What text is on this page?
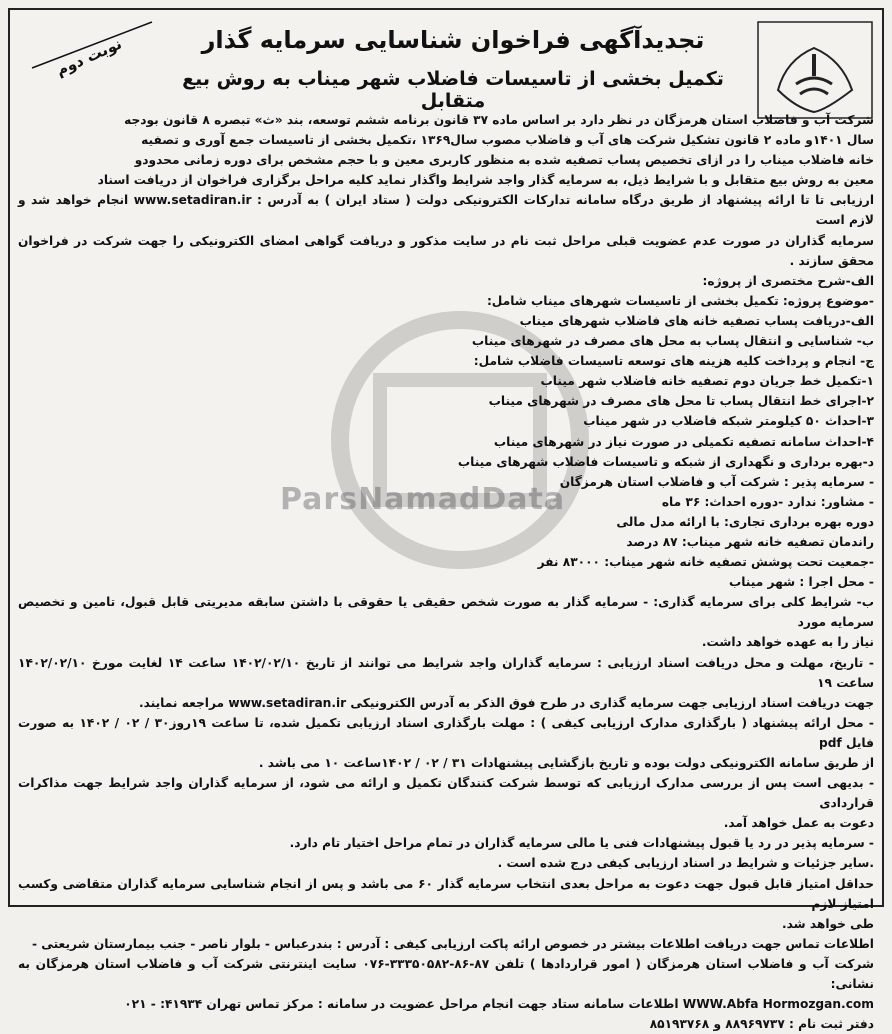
نوبت دوم	تجدیدآگهی فراخوان شناسایی سرمایه گذار
تکمیل بخشی از تاسیسات فاضلاب شهر میناب به روش بیع متقابل
ParsNamadData

شرکت آب و فاضلاب استان هرمزگان در نظر دارد بر اساس ماده ۳۷ قانون برنامه ششم توسعه، بند «ث» تبصره ۸ قانون بودجه

سال ۱۴۰۱و ماده ۲ قانون تشکیل شرکت های آب و فاضلاب مصوب سال۱۳۶۹ ،تکمیل بخشی از تاسیسات جمع آوری و تصفیه

خانه فاضلاب میناب را در ازای تخصیص پساب تصفیه شده به منظور کاربری معین و با حجم مشخص برای دوره زمانی محدودو

معین به روش بیع متقابل و با شرایط ذیل، به سرمایه گذار واجد شرایط واگذار نماید کلیه مراحل برگزاری فراخوان از دریافت اسناد

ارزیابی تا تا ارائه پیشنهاد از طریق درگاه سامانه تدارکات الکترونیکی دولت ( ستاد ایران ) به آدرس : www.setadiran.ir انجام خواهد شد و لازم است

سرمایه گذاران در صورت عدم عضویت قبلی مراحل ثبت نام در سایت مذکور و دریافت گواهی امضای الکترونیکی را جهت شرکت در فراخوان محقق سازند .

الف-شرح مختصری از پروژه:

-موضوع پروژه: تکمیل بخشی از تاسیسات شهرهای میناب شامل:

الف-دریافت پساب تصفیه خانه های فاضلاب شهرهای میناب

ب- شناسایی و انتقال پساب به محل های مصرف در شهرهای میناب

ج- انجام و پرداخت کلیه هزینه های توسعه تاسیسات فاضلاب شامل:

۱-تکمیل خط جریان دوم تصفیه خانه فاضلاب شهر میناب

۲-اجرای خط انتقال پساب تا محل های مصرف در شهرهای میناب

۳-احداث ۵۰ کیلومتر شبکه فاضلاب در شهر میناب

۴-احداث سامانه تصفیه تکمیلی در صورت نیاز در شهرهای میناب

د-بهره برداری و نگهداری از شبکه و تاسیسات فاضلاب شهرهای میناب

- سرمایه پذیر : شرکت آب و فاضلاب استان هرمزگان

- مشاور: ندارد -دوره احداث: ۳۶ ماه

دوره بهره برداری تجاری: با ارائه مدل مالی

راندمان تصفیه خانه شهر میناب: ۸۷ درصد

-جمعیت تحت پوشش تصفیه خانه شهر میناب: ۸۳۰۰۰ نفر

- محل اجرا : شهر میناب

ب- شرایط کلی برای سرمایه گذاری: - سرمایه گذار به صورت شخص حقیقی یا حقوقی با داشتن سابقه مدیریتی قابل قبول، تامین و تخصیص سرمایه مورد

نیاز را به عهده خواهد داشت.

- تاریخ، مهلت و محل دریافت اسناد ارزیابی : سرمایه گذاران واجد شرایط می توانند از تاریخ ۱۴۰۲/۰۲/۱۰ ساعت ۱۴ لغایت مورخ ۱۴۰۲/۰۲/۱۰ ساعت ۱۹

جهت دریافت اسناد ارزیابی جهت سرمایه گذاری در طرح فوق الذکر به آدرس الکترونیکی www.setadiran.ir مراجعه نمایند.

- محل ارائه پیشنهاد ( بارگذاری مدارک ارزیابی کیفی ) : مهلت بارگذاری اسناد ارزیابی تکمیل شده، تا ساعت ۱۹روز۳۰ / ۰۲ / ۱۴۰۲ به صورت فایل pdf

از طریق سامانه الکترونیکی دولت بوده و تاریخ بازگشایی پیشنهادات ۳۱ / ۰۲ / ۱۴۰۲ساعت ۱۰ می باشد .

- بدیهی است پس از بررسی مدارک ارزیابی که توسط شرکت کنندگان تکمیل و ارائه می شود، از سرمایه گذاران واجد شرایط جهت مذاکرات قراردادی

دعوت به عمل خواهد آمد.

- سرمایه پذیر در رد یا قبول پیشنهادات فنی یا مالی سرمایه گذاران در تمام مراحل اختیار تام دارد.

.سایر جزئیات و شرایط در اسناد ارزیابی کیفی درج شده است .

حداقل امتیاز قابل قبول جهت دعوت به مراحل بعدی انتخاب سرمایه گذار ۶۰ می باشد و پس از انجام شناسایی سرمایه گذاران متقاضی وکسب امتیاز لازم

طی خواهد شد.

اطلاعات تماس جهت دریافت اطلاعات بیشتر در خصوص ارائه پاکت ارزیابی کیفی : آدرس : بندرعباس - بلوار ناصر - جنب بیمارستان شریعتی -

شرکت آب و فاضلاب استان هرمزگان ( امور قراردادها ) تلفن ۸۷-۸۶-۳۳۳۵۰۵۸۲-۰۷۶ سایت اینترنتی شرکت آب و فاضلاب استان هرمزگان به نشانی:

WWW.Abfa Hormozgan.com اطلاعات سامانه ستاد جهت انجام مراحل عضویت در سامانه : مرکز تماس تهران ۴۱۹۳۴: - ۰۲۱

دفتر ثبت نام : ۸۸۹۶۹۷۳۷ و ۸۵۱۹۳۷۶۸
